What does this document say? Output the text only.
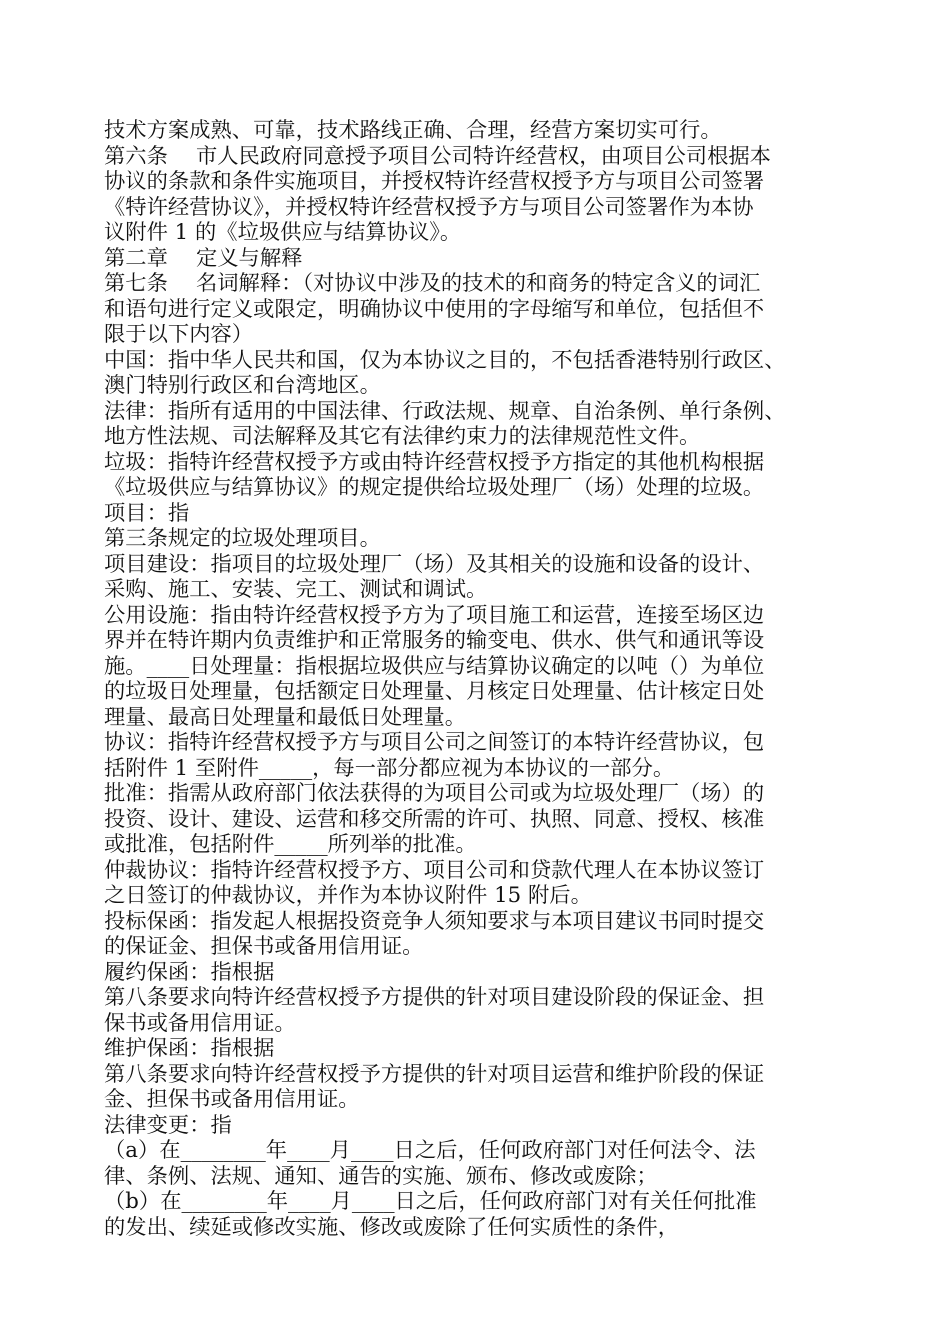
技术方案成熟、可靠，技术路线正确、合理，经营方案切实可行。
第六条　 市人民政府同意授予项目公司特许经营权，由项目公司根据本
协议的条款和条件实施项目，并授权特许经营权授予方与项目公司签署
《特许经营协议》，并授权特许经营权授予方与项目公司签署作为本协
议附件 1 的《垃圾供应与结算协议》。
第二章　 定义与解释
第七条　 名词解释：（对协议中涉及的技术的和商务的特定含义的词汇
和语句进行定义或限定，明确协议中使用的字母缩写和单位，包括但不
限于以下内容）
中国：指中华人民共和国，仅为本协议之目的，不包括香港特别行政区、
澳门特别行政区和台湾地区。
法律：指所有适用的中国法律、行政法规、规章、自治条例、单行条例、
地方性法规、司法解释及其它有法律约束力的法律规范性文件。
垃圾：指特许经营权授予方或由特许经营权授予方指定的其他机构根据
《垃圾供应与结算协议》的规定提供给垃圾处理厂（场）处理的垃圾。
项目：指
第三条规定的垃圾处理项目。
项目建设：指项目的垃圾处理厂（场）及其相关的设施和设备的设计、
采购、施工、安装、完工、测试和调试。
公用设施：指由特许经营权授予方为了项目施工和运营，连接至场区边
界并在特许期内负责维护和正常服务的输变电、供水、供气和通讯等设
施。____日处理量：指根据垃圾供应与结算协议确定的以吨（）为单位
的垃圾日处理量，包括额定日处理量、月核定日处理量、估计核定日处
理量、最高日处理量和最低日处理量。
协议：指特许经营权授予方与项目公司之间签订的本特许经营协议，包
括附件 1 至附件_____，每一部分都应视为本协议的一部分。
批准：指需从政府部门依法获得的为项目公司或为垃圾处理厂（场）的
投资、设计、建设、运营和移交所需的许可、执照、同意、授权、核准
或批准，包括附件_____所列举的批准。
仲裁协议：指特许经营权授予方、项目公司和贷款代理人在本协议签订
之日签订的仲裁协议，并作为本协议附件 15 附后。
投标保函：指发起人根据投资竞争人须知要求与本项目建议书同时提交
的保证金、担保书或备用信用证。
履约保函：指根据
第八条要求向特许经营权授予方提供的针对项目建设阶段的保证金、担
保书或备用信用证。
维护保函：指根据
第八条要求向特许经营权授予方提供的针对项目运营和维护阶段的保证
金、担保书或备用信用证。
法律变更：指
（a）在________年____月____日之后，任何政府部门对任何法令、法
律、条例、法规、通知、通告的实施、颁布、修改或废除；
（b）在________年____月____日之后，任何政府部门对有关任何批准
的发出、续延或修改实施、修改或废除了任何实质性的条件，
